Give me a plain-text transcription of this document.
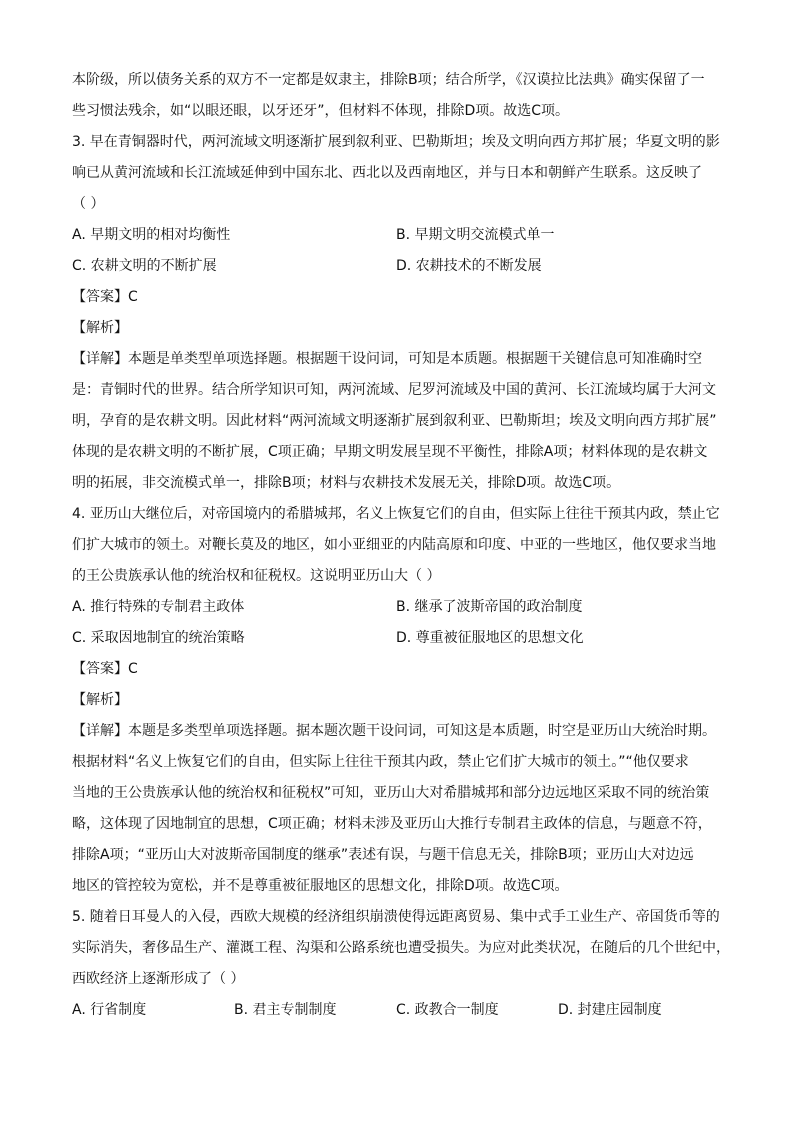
本阶级，所以债务关系的双方不一定都是奴隶主，排除B项；结合所学，《汉谟拉比法典》确实保留了一
些习惯法残余，如“以眼还眼，以牙还牙”，但材料不体现，排除D项。故选C项。
3. 早在青铜器时代，两河流域文明逐渐扩展到叙利亚、巴勒斯坦；埃及文明向西方邦扩展；华夏文明的影
响已从黄河流域和长江流域延伸到中国东北、西北以及西南地区，并与日本和朝鲜产生联系。这反映了
（ ）
A. 早期文明的相对均衡性	B. 早期文明交流模式单一
C. 农耕文明的不断扩展	D. 农耕技术的不断发展
【答案】C
【解析】
【详解】本题是单类型单项选择题。根据题干设问词，可知是本质题。根据题干关键信息可知准确时空
是：青铜时代的世界。结合所学知识可知，两河流域、尼罗河流域及中国的黄河、长江流域均属于大河文
明，孕育的是农耕文明。因此材料“两河流域文明逐渐扩展到叙利亚、巴勒斯坦；埃及文明向西方邦扩展”
体现的是农耕文明的不断扩展，C项正确；早期文明发展呈现不平衡性，排除A项；材料体现的是农耕文
明的拓展，非交流模式单一，排除B项；材料与农耕技术发展无关，排除D项。故选C项。
4. 亚历山大继位后，对帝国境内的希腊城邦，名义上恢复它们的自由，但实际上往往干预其内政，禁止它
们扩大城市的领土。对鞭长莫及的地区，如小亚细亚的内陆高原和印度、中亚的一些地区，他仅要求当地
的王公贵族承认他的统治权和征税权。这说明亚历山大（ ）
A. 推行特殊的专制君主政体	B. 继承了波斯帝国的政治制度
C. 采取因地制宜的统治策略	D. 尊重被征服地区的思想文化
【答案】C
【解析】
【详解】本题是多类型单项选择题。据本题次题干设问词，可知这是本质题，时空是亚历山大统治时期。
根据材料“名义上恢复它们的自由，但实际上往往干预其内政，禁止它们扩大城市的领土。”“他仅要求
当地的王公贵族承认他的统治权和征税权”可知，亚历山大对希腊城邦和部分边远地区采取不同的统治策
略，这体现了因地制宜的思想，C项正确；材料未涉及亚历山大推行专制君主政体的信息，与题意不符，
排除A项；“亚历山大对波斯帝国制度的继承”表述有误，与题干信息无关，排除B项；亚历山大对边远
地区的管控较为宽松，并不是尊重被征服地区的思想文化，排除D项。故选C项。
5. 随着日耳曼人的入侵，西欧大规模的经济组织崩溃使得远距离贸易、集中式手工业生产、帝国货币等的
实际消失，奢侈品生产、灌溉工程、沟渠和公路系统也遭受损失。为应对此类状况，在随后的几个世纪中，
西欧经济上逐渐形成了（ ）
A. 行省制度	B. 君主专制制度	C. 政教合一制度	D. 封建庄园制度
